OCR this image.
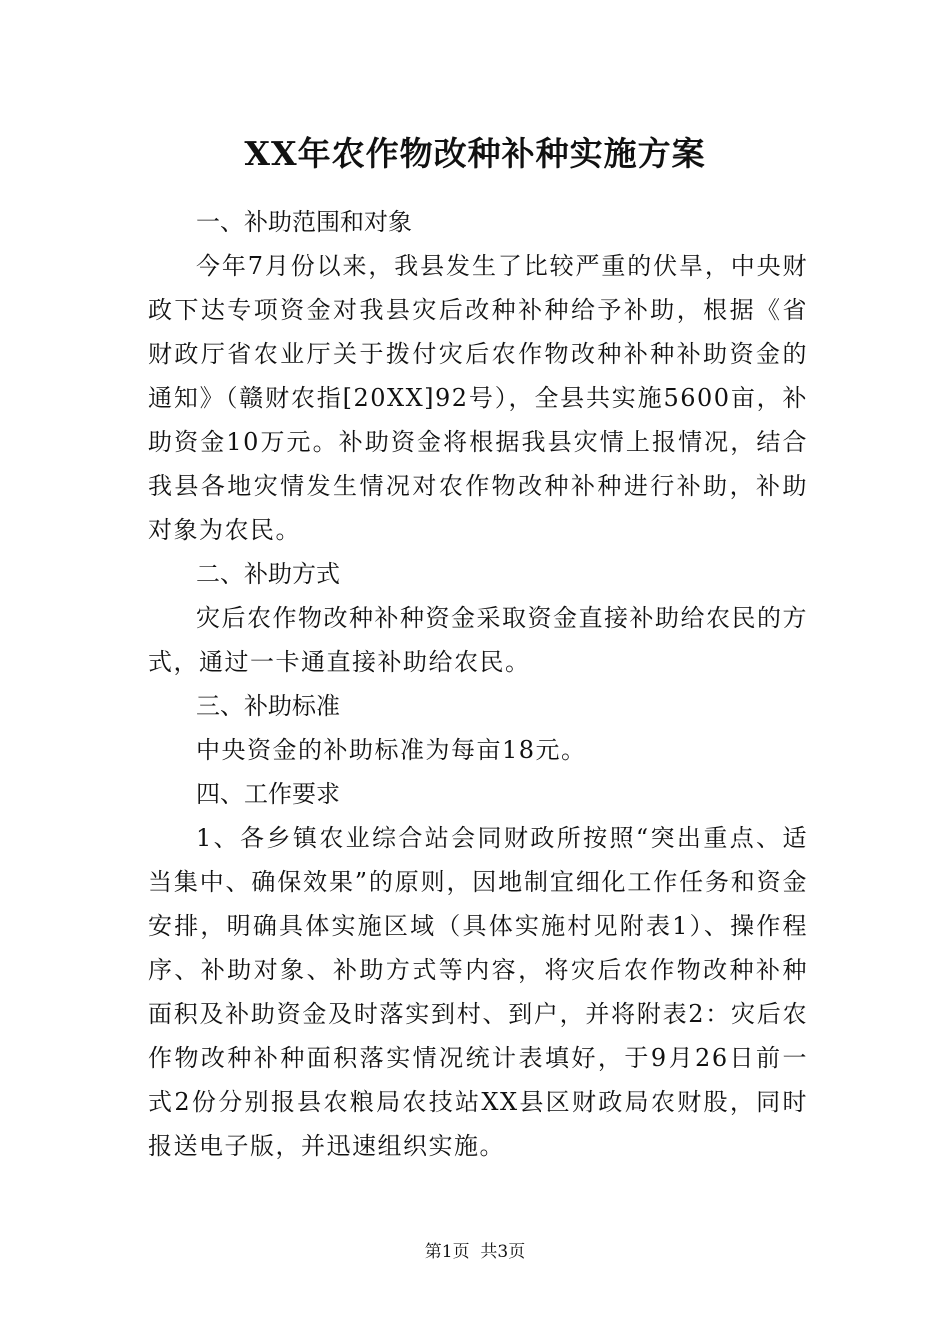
XX年农作物改种补种实施方案
一、补助范围和对象

今年7月份以来，我县发生了比较严重的伏旱，中央财政下达专项资金对我县灾后改种补种给予补助，根据《省财政厅省农业厅关于拨付灾后农作物改种补种补助资金的通知》（赣财农指[20XX]92号），全县共实施5600亩，补助资金10万元。补助资金将根据我县灾情上报情况，结合我县各地灾情发生情况对农作物改种补种进行补助，补助对象为农民。

二、补助方式

灾后农作物改种补种资金采取资金直接补助给农民的方式，通过一卡通直接补助给农民。

三、补助标准

中央资金的补助标准为每亩18元。

四、工作要求

1、各乡镇农业综合站会同财政所按照“突出重点、适当集中、确保效果”的原则，因地制宜细化工作任务和资金安排，明确具体实施区域（具体实施村见附表1）、操作程序、补助对象、补助方式等内容，将灾后农作物改种补种面积及补助资金及时落实到村、到户，并将附表2：灾后农作物改种补种面积落实情况统计表填好，于9月26日前一式2份分别报县农粮局农技站XX县区财政局农财股，同时报送电子版，并迅速组织实施。

第1页  共3页
